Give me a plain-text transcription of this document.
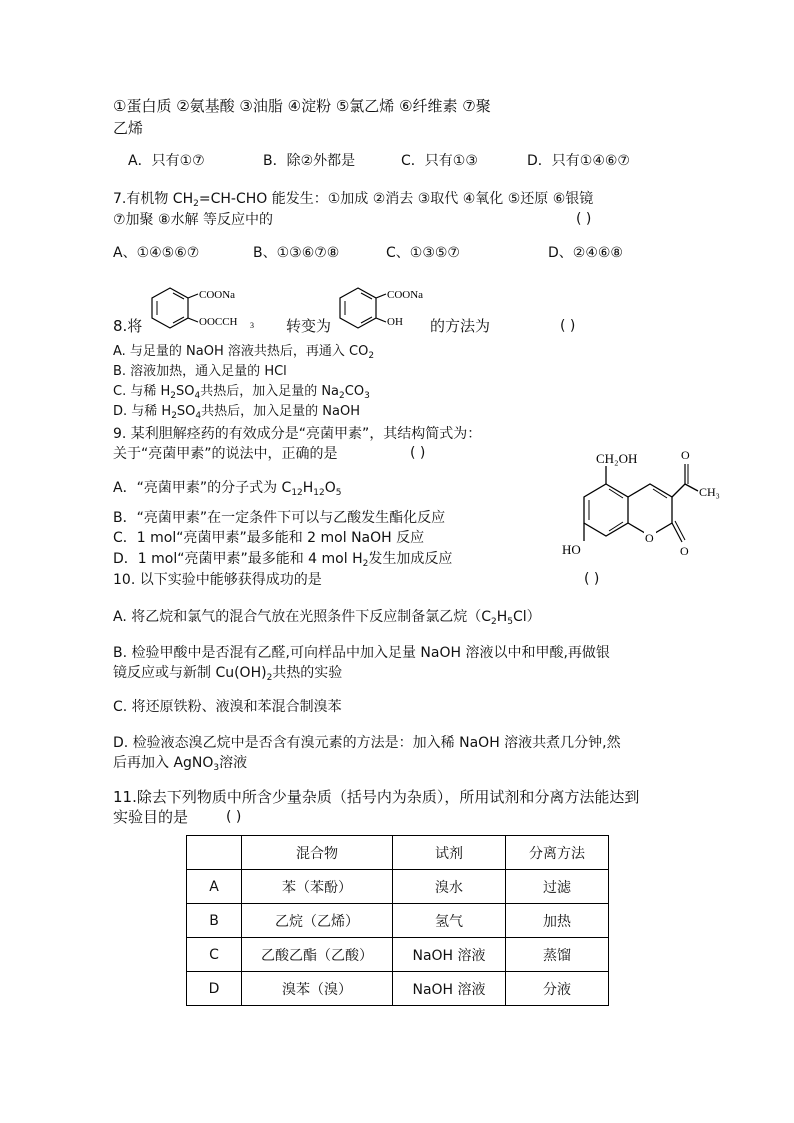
①蛋白质 ②氨基酸 ③油脂 ④淀粉 ⑤氯乙烯 ⑥纤维素 ⑦聚
乙烯
A．只有①⑦	B．除②外都是	C．只有①③	D．只有①④⑥⑦
7.有机物 $CH_2=CH$-CHO 能发生：①加成 ②消去 ③取代 ④氧化 ⑤还原 ⑥银镜
⑦加聚 ⑧水解 等反应中的	( )
A、①④⑤⑥⑦	B、①③⑥⑦⑧	C、①③⑤⑦	D、②④⑥⑧
COONa
OOCCH 3
COONa
OH
8.将	转变为	的方法为	( )
A. 与足量的 NaOH 溶液共热后，再通入 $CO_2$
B. 溶液加热，通入足量的 HCl
C. 与稀 $H_2SO_4$共热后，加入足量的 $Na_2CO_3$
D. 与稀 $H_2SO_4$共热后，加入足量的 NaOH
9. 某利胆解痉药的有效成分是“亮菌甲素”，其结构简式为：
关于“亮菌甲素”的说法中，正确的是	( )	CH₂OH
HO
O
O
O
CH₃
A．“亮菌甲素”的分子式为 $C_{12}H_{12}O_5$
B．“亮菌甲素”在一定条件下可以与乙酸发生酯化反应
C．1 mol“亮菌甲素”最多能和 2 mol NaOH 反应
D．1 mol“亮菌甲素”最多能和 4 mol $H_2$发生加成反应
10. 以下实验中能够获得成功的是	( )
A. 将乙烷和氯气的混合气放在光照条件下反应制备氯乙烷$(C_2H_5Cl)$
B. 检验甲酸中是否混有乙醛,可向样品中加入足量 NaOH 溶液以中和甲酸,再做银
镜反应或与新制 $Cu(OH)_2$共热的实验
C. 将还原铁粉、液溴和苯混合制溴苯
D. 检验液态溴乙烷中是否含有溴元素的方法是：加入稀 NaOH 溶液共煮几分钟,然
后再加入 AgNO$_3$溶液
11.除去下列物质中所含少量杂质（括号内为杂质），所用试剂和分离方法能达到
实验目的是	( )
	混合物	试剂	分离方法
A	苯（苯酚）	溴水	过滤
B	乙烷（乙烯）	氢气	加热
C	乙酸乙酯（乙酸）	NaOH 溶液	蒸馏
D	溴苯（溴）	NaOH 溶液	分液
